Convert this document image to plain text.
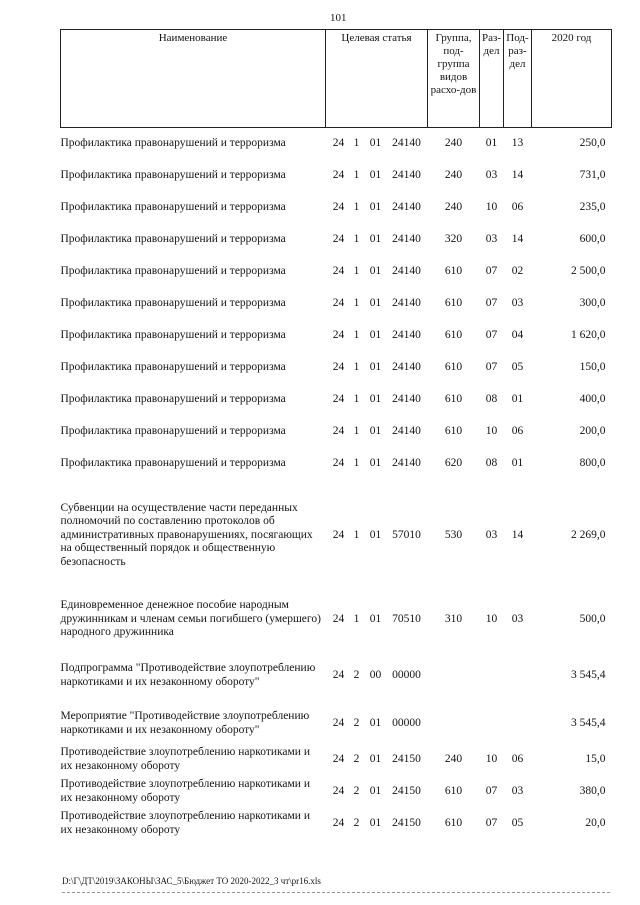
101
Наименование	Целевая статья	Группа, под-группа видов расхо-дов	Раз-дел	Под-раз-дел	2020 год
Профилактика правонарушений и терроризма	24 1 01 24140	240	01	13	250,0
Профилактика правонарушений и терроризма	24 1 01 24140	240	03	14	731,0
Профилактика правонарушений и терроризма	24 1 01 24140	240	10	06	235,0
Профилактика правонарушений и терроризма	24 1 01 24140	320	03	14	600,0
Профилактика правонарушений и терроризма	24 1 01 24140	610	07	02	2 500,0
Профилактика правонарушений и терроризма	24 1 01 24140	610	07	03	300,0
Профилактика правонарушений и терроризма	24 1 01 24140	610	07	04	1 620,0
Профилактика правонарушений и терроризма	24 1 01 24140	610	07	05	150,0
Профилактика правонарушений и терроризма	24 1 01 24140	610	08	01	400,0
Профилактика правонарушений и терроризма	24 1 01 24140	610	10	06	200,0
Профилактика правонарушений и терроризма	24 1 01 24140	620	08	01	800,0
Субвенции на осуществление части переданных полномочий по составлению протоколов об административных правонарушениях, посягающих на общественный порядок и общественную безопасность	24 1 01 57010	530	03	14	2 269,0
Единовременное денежное пособие народным дружинникам и членам семьи погибшего (умершего) народного дружинника	24 1 01 70510	310	10	03	500,0
Подпрограмма "Противодействие злоупотреблению наркотиками и их незаконному обороту"	24 2 00 00000				3 545,4
Мероприятие "Противодействие злоупотреблению наркотиками и их незаконному обороту"	24 2 01 00000				3 545,4
Противодействие злоупотреблению наркотиками и их незаконному обороту	24 2 01 24150	240	10	06	15,0
Противодействие злоупотреблению наркотиками и их незаконному обороту	24 2 01 24150	610	07	03	380,0
Противодействие злоупотреблению наркотиками и их незаконному обороту	24 2 01 24150	610	07	05	20,0
D:\Г\ДТ\2019\ЗАКОНЫ\ЗАС_5\Бюджет ТО 2020-2022_3 чт\pr16.xls
